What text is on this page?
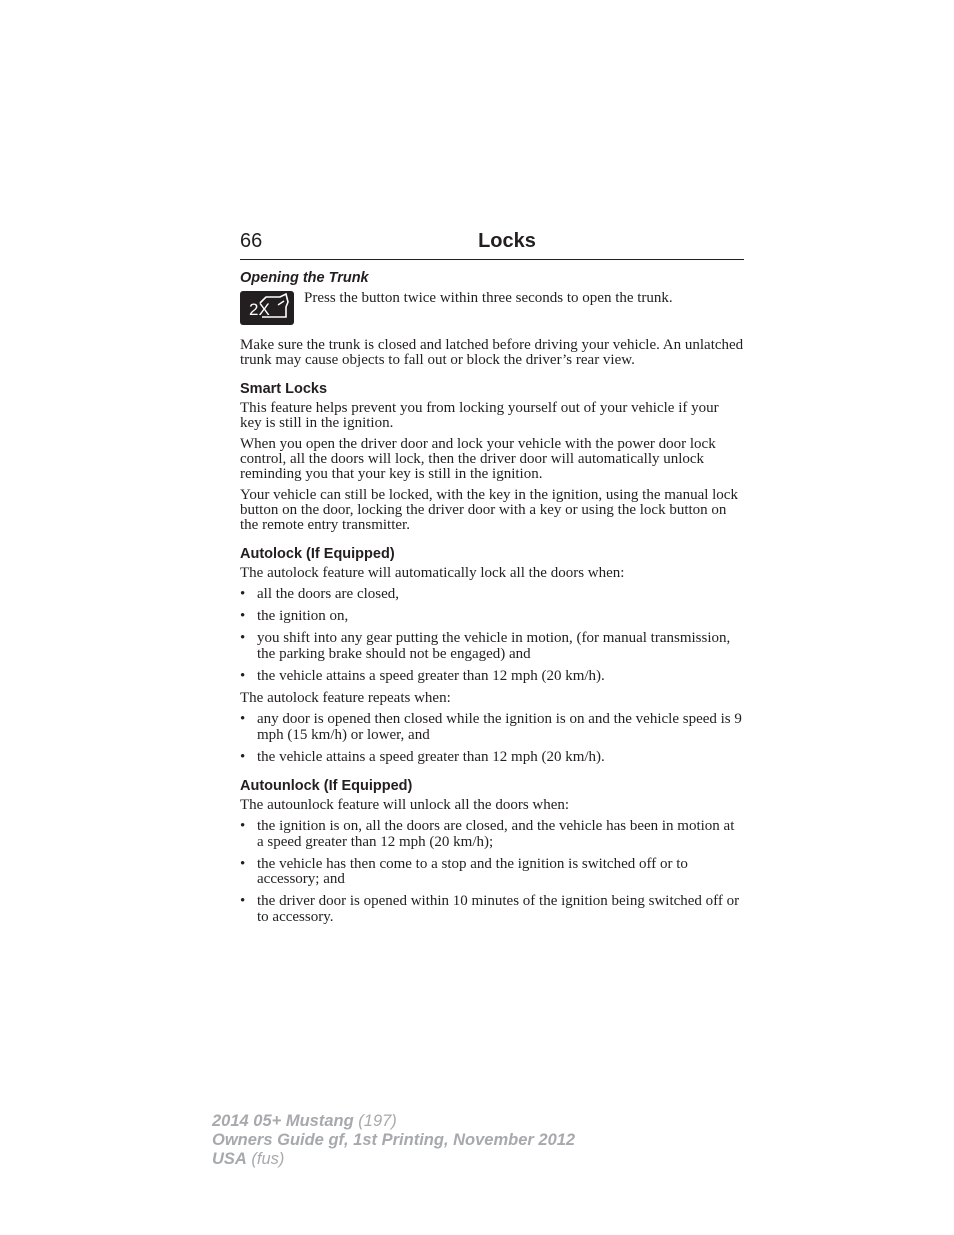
66	Locks
Opening the Trunk
2X
Press the button twice within three seconds to open the trunk.

Make sure the trunk is closed and latched before driving your vehicle. An unlatched trunk may cause objects to fall out or block the driver’s rear view.

Smart Locks

This feature helps prevent you from locking yourself out of your vehicle if your key is still in the ignition.

When you open the driver door and lock your vehicle with the power door lock control, all the doors will lock, then the driver door will automatically unlock reminding you that your key is still in the ignition.

Your vehicle can still be locked, with the key in the ignition, using the manual lock button on the door, locking the driver door with a key or using the lock button on the remote entry transmitter.

Autolock (If Equipped)

The autolock feature will automatically lock all the doors when:

• all the doors are closed,
• the ignition on,
• you shift into any gear putting the vehicle in motion, (for manual transmission, the parking brake should not be engaged) and
• the vehicle attains a speed greater than 12 mph (20 km/h).

The autolock feature repeats when:

• any door is opened then closed while the ignition is on and the vehicle speed is 9 mph (15 km/h) or lower, and
• the vehicle attains a speed greater than 12 mph (20 km/h).
Autounlock (If Equipped)

The autounlock feature will unlock all the doors when:

• the ignition is on, all the doors are closed, and the vehicle has been in motion at a speed greater than 12 mph (20 km/h);
• the vehicle has then come to a stop and the ignition is switched off or to accessory; and
• the driver door is opened within 10 minutes of the ignition being switched off or to accessory.
2014 05+ Mustang (197)
Owners Guide gf, 1st Printing, November 2012
USA (fus)
